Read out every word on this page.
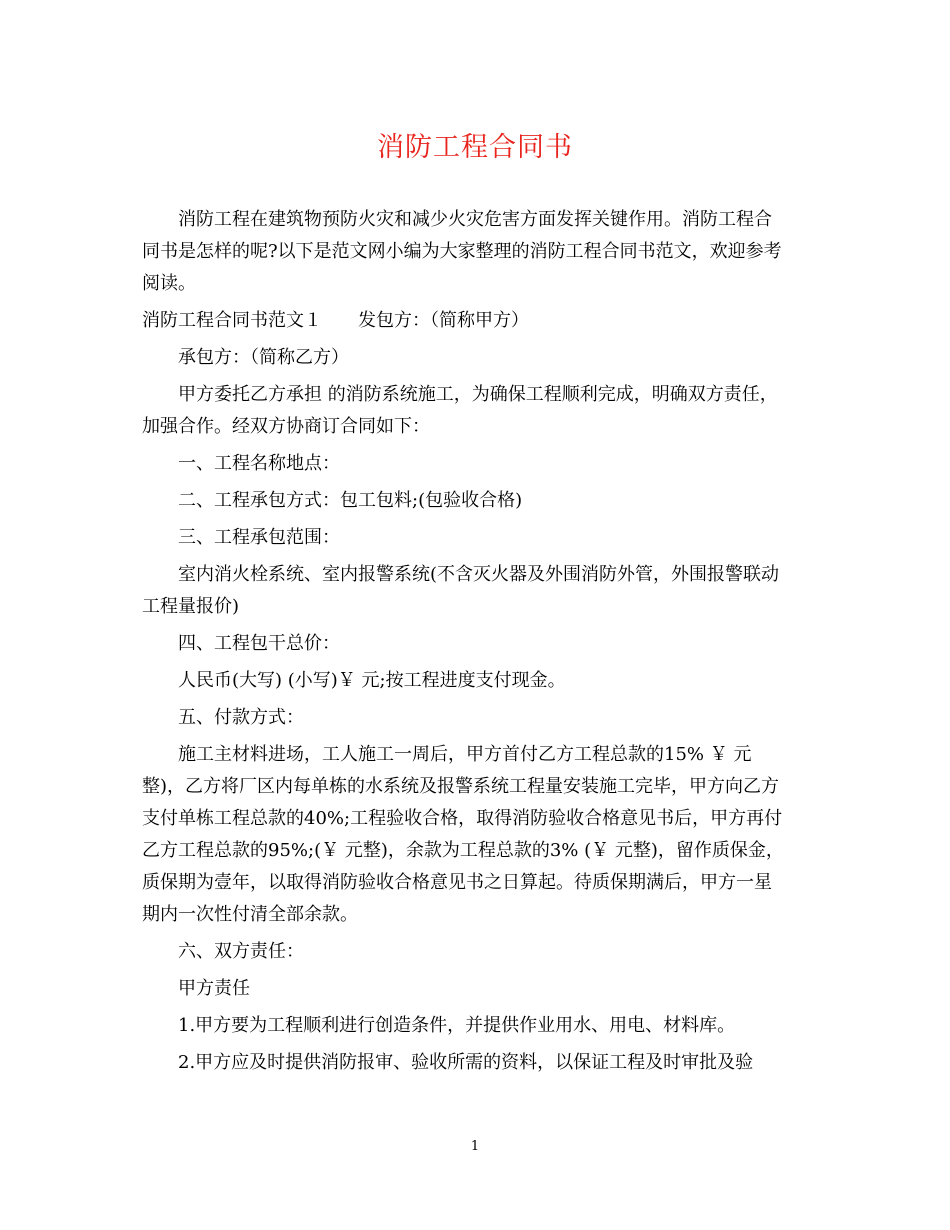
消防工程合同书
消防工程在建筑物预防火灾和减少火灾危害方面发挥关键作用。消防工程合
同书是怎样的呢?以下是范文网小编为大家整理的消防工程合同书范文，欢迎参考
阅读。
消防工程合同书范文１　　发包方：（简称甲方）
承包方：（简称乙方）
甲方委托乙方承担 的消防系统施工，为确保工程顺利完成，明确双方责任，
加强合作。经双方协商订合同如下：
一、工程名称地点：
二、工程承包方式：包工包料;(包验收合格)
三、工程承包范围：
室内消火栓系统、室内报警系统(不含灭火器及外围消防外管，外围报警联动
工程量报价)
四、工程包干总价：
人民币(大写) (小写)￥ 元;按工程进度支付现金。
五、付款方式：
施工主材料进场，工人施工一周后，甲方首付乙方工程总款的15% ￥ 元
整)，乙方将厂区内每单栋的水系统及报警系统工程量安装施工完毕，甲方向乙方
支付单栋工程总款的40%;工程验收合格，取得消防验收合格意见书后，甲方再付
乙方工程总款的95%;(￥ 元整)，余款为工程总款的3% (￥ 元整)，留作质保金，
质保期为壹年，以取得消防验收合格意见书之日算起。待质保期满后，甲方一星
期内一次性付清全部余款。
六、双方责任：
甲方责任
1.甲方要为工程顺利进行创造条件，并提供作业用水、用电、材料库。
2.甲方应及时提供消防报审、验收所需的资料，以保证工程及时审批及验
1
